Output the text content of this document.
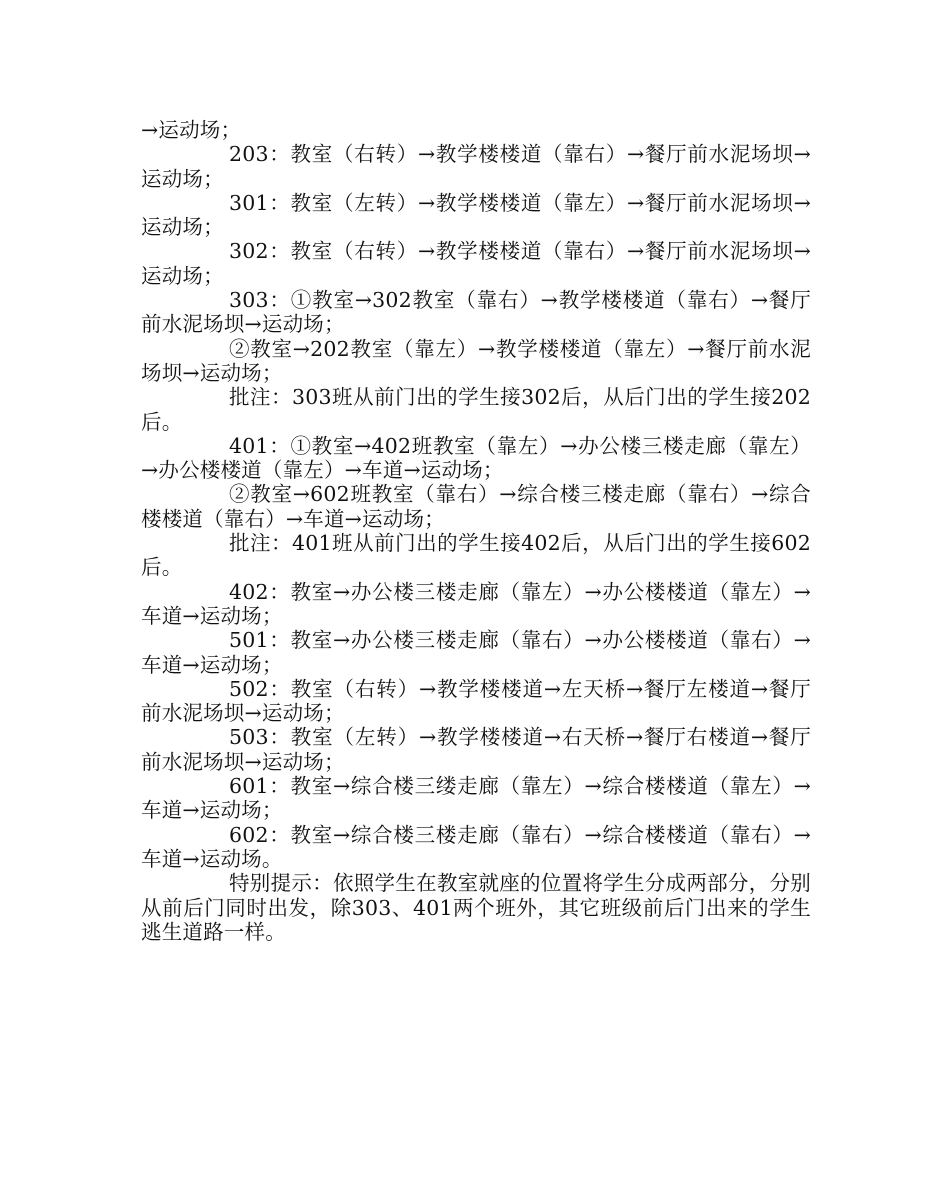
→运动场；

203：教室（右转）→教学楼楼道（靠右）→餐厅前水泥场坝→运动场；

301：教室（左转）→教学楼楼道（靠左）→餐厅前水泥场坝→运动场；

302：教室（右转）→教学楼楼道（靠右）→餐厅前水泥场坝→运动场；

303：①教室→302教室（靠右）→教学楼楼道（靠右）→餐厅前水泥场坝→运动场；

②教室→202教室（靠左）→教学楼楼道（靠左）→餐厅前水泥场坝→运动场；

批注：303班从前门出的学生接302后，从后门出的学生接202后。

401：①教室→402班教室（靠左）→办公楼三楼走廊（靠左）→办公楼楼道（靠左）→车道→运动场；

②教室→602班教室（靠右）→综合楼三楼走廊（靠右）→综合楼楼道（靠右）→车道→运动场；

批注：401班从前门出的学生接402后，从后门出的学生接602后。

402：教室→办公楼三楼走廊（靠左）→办公楼楼道（靠左）→车道→运动场；

501：教室→办公楼三楼走廊（靠右）→办公楼楼道（靠右）→车道→运动场；

502：教室（右转）→教学楼楼道→左天桥→餐厅左楼道→餐厅前水泥场坝→运动场；

503：教室（左转）→教学楼楼道→右天桥→餐厅右楼道→餐厅前水泥场坝→运动场；

601：教室→综合楼三缕走廊（靠左）→综合楼楼道（靠左）→车道→运动场；

602：教室→综合楼三楼走廊（靠右）→综合楼楼道（靠右）→车道→运动场。

特别提示：依照学生在教室就座的位置将学生分成两部分，分别从前后门同时出发，除303、401两个班外，其它班级前后门出来的学生逃生道路一样。
